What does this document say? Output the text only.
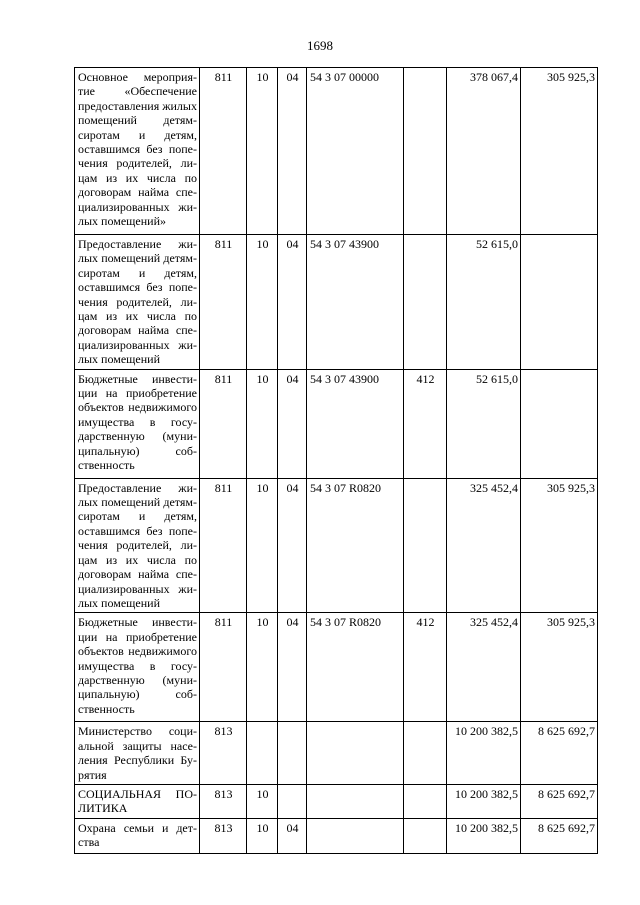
1698
Основное мероприятие «Обеспечение предоставления жилых помещений детям-сиротам и детям, оставшимся без попечения родителей, лицам из их числа по договорам найма специализированных жилых помещений»	811	10	04	54 3 07 00000		378 067,4	305 925,3
Предоставление жилых помещений детям-сиротам и детям, оставшимся без попечения родителей, лицам из их числа по договорам найма специализированных жилых помещений	811	10	04	54 3 07 43900		52 615,0	
Бюджетные инвестиции на приобретение объектов недвижимого имущества в государственную (муниципальную) собственность	811	10	04	54 3 07 43900	412	52 615,0	
Предоставление жилых помещений детям-сиротам и детям, оставшимся без попечения родителей, лицам из их числа по договорам найма специализированных жилых помещений	811	10	04	54 3 07 R0820		325 452,4	305 925,3
Бюджетные инвестиции на приобретение объектов недвижимого имущества в государственную (муниципальную) собственность	811	10	04	54 3 07 R0820	412	325 452,4	305 925,3
Министерство социальной защиты населения Республики Бурятия	813					10 200 382,5	8 625 692,7
СОЦИАЛЬНАЯ ПОЛИТИКА	813	10				10 200 382,5	8 625 692,7
Охрана семьи и детства	813	10	04			10 200 382,5	8 625 692,7
